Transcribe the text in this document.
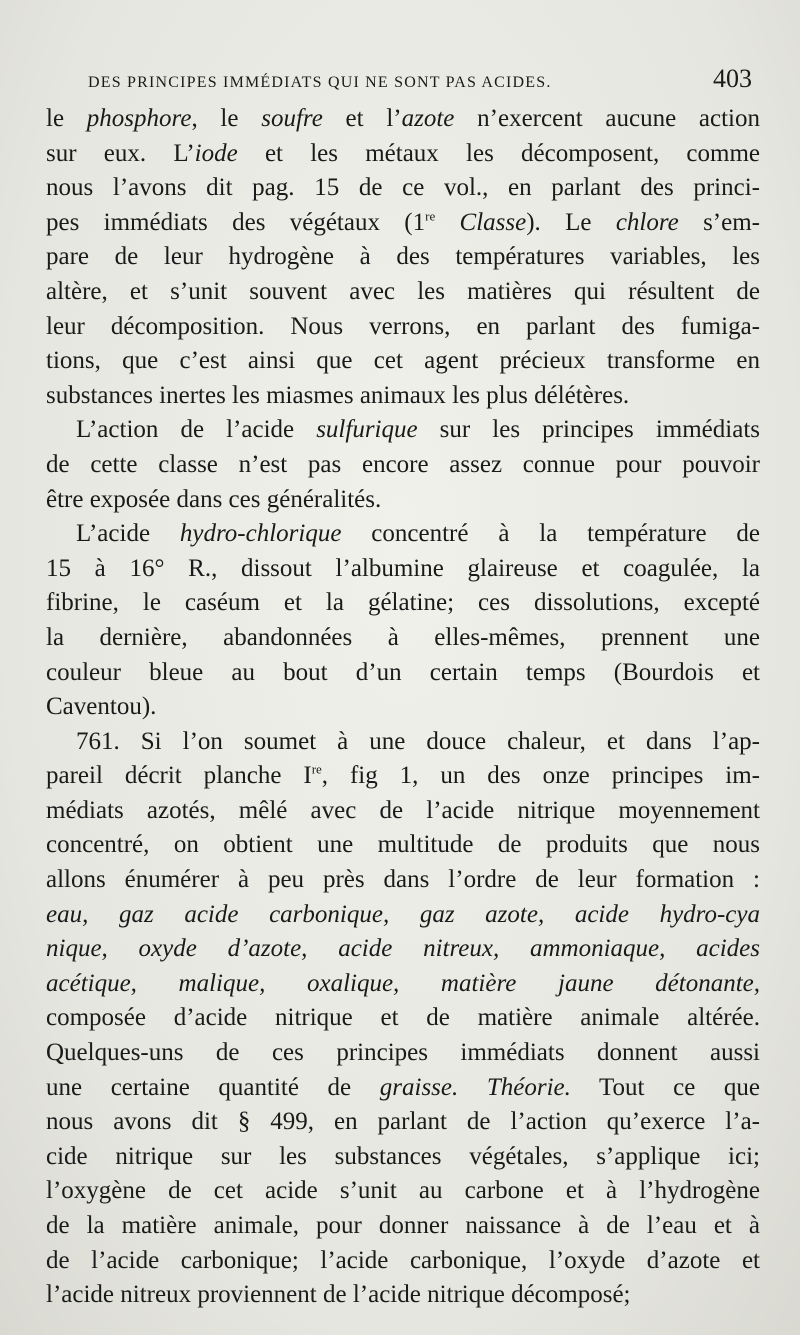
DES PRINCIPES IMMÉDIATS QUI NE SONT PAS ACIDES.	403
le phosphore, le soufre et l’azote n’exercent aucune action
sur eux. L’iode et les métaux les décomposent, comme
nous l’avons dit pag. 15 de ce vol., en parlant des princi-
pes immédiats des végétaux (1re Classe). Le chlore s’em-
pare de leur hydrogène à des températures variables, les
altère, et s’unit souvent avec les matières qui résultent de
leur décomposition. Nous verrons, en parlant des fumiga-
tions, que c’est ainsi que cet agent précieux transforme en
substances inertes les miasmes animaux les plus délétères.
L’action de l’acide sulfurique sur les principes immédiats
de cette classe n’est pas encore assez connue pour pouvoir
être exposée dans ces généralités.
L’acide hydro-chlorique concentré à la température de
15 à 16° R., dissout l’albumine glaireuse et coagulée, la
fibrine, le caséum et la gélatine; ces dissolutions, excepté
la dernière, abandonnées à elles-mêmes, prennent une
couleur bleue au bout d’un certain temps (Bourdois et
Caventou).
761. Si l’on soumet à une douce chaleur, et dans l’ap-
pareil décrit planche Ire, fig 1, un des onze principes im-
médiats azotés, mêlé avec de l’acide nitrique moyennement
concentré, on obtient une multitude de produits que nous
allons énumérer à peu près dans l’ordre de leur formation :
eau, gaz acide carbonique, gaz azote, acide hydro-cya
nique, oxyde d’azote, acide nitreux, ammoniaque, acides
acétique, malique, oxalique, matière jaune détonante,
composée d’acide nitrique et de matière animale altérée.
Quelques-uns de ces principes immédiats donnent aussi
une certaine quantité de graisse. Théorie. Tout ce que
nous avons dit § 499, en parlant de l’action qu’exerce l’a-
cide nitrique sur les substances végétales, s’applique ici;
l’oxygène de cet acide s’unit au carbone et à l’hydrogène
de la matière animale, pour donner naissance à de l’eau et à
de l’acide carbonique; l’acide carbonique, l’oxyde d’azote et
l’acide nitreux proviennent de l’acide nitrique décomposé;
